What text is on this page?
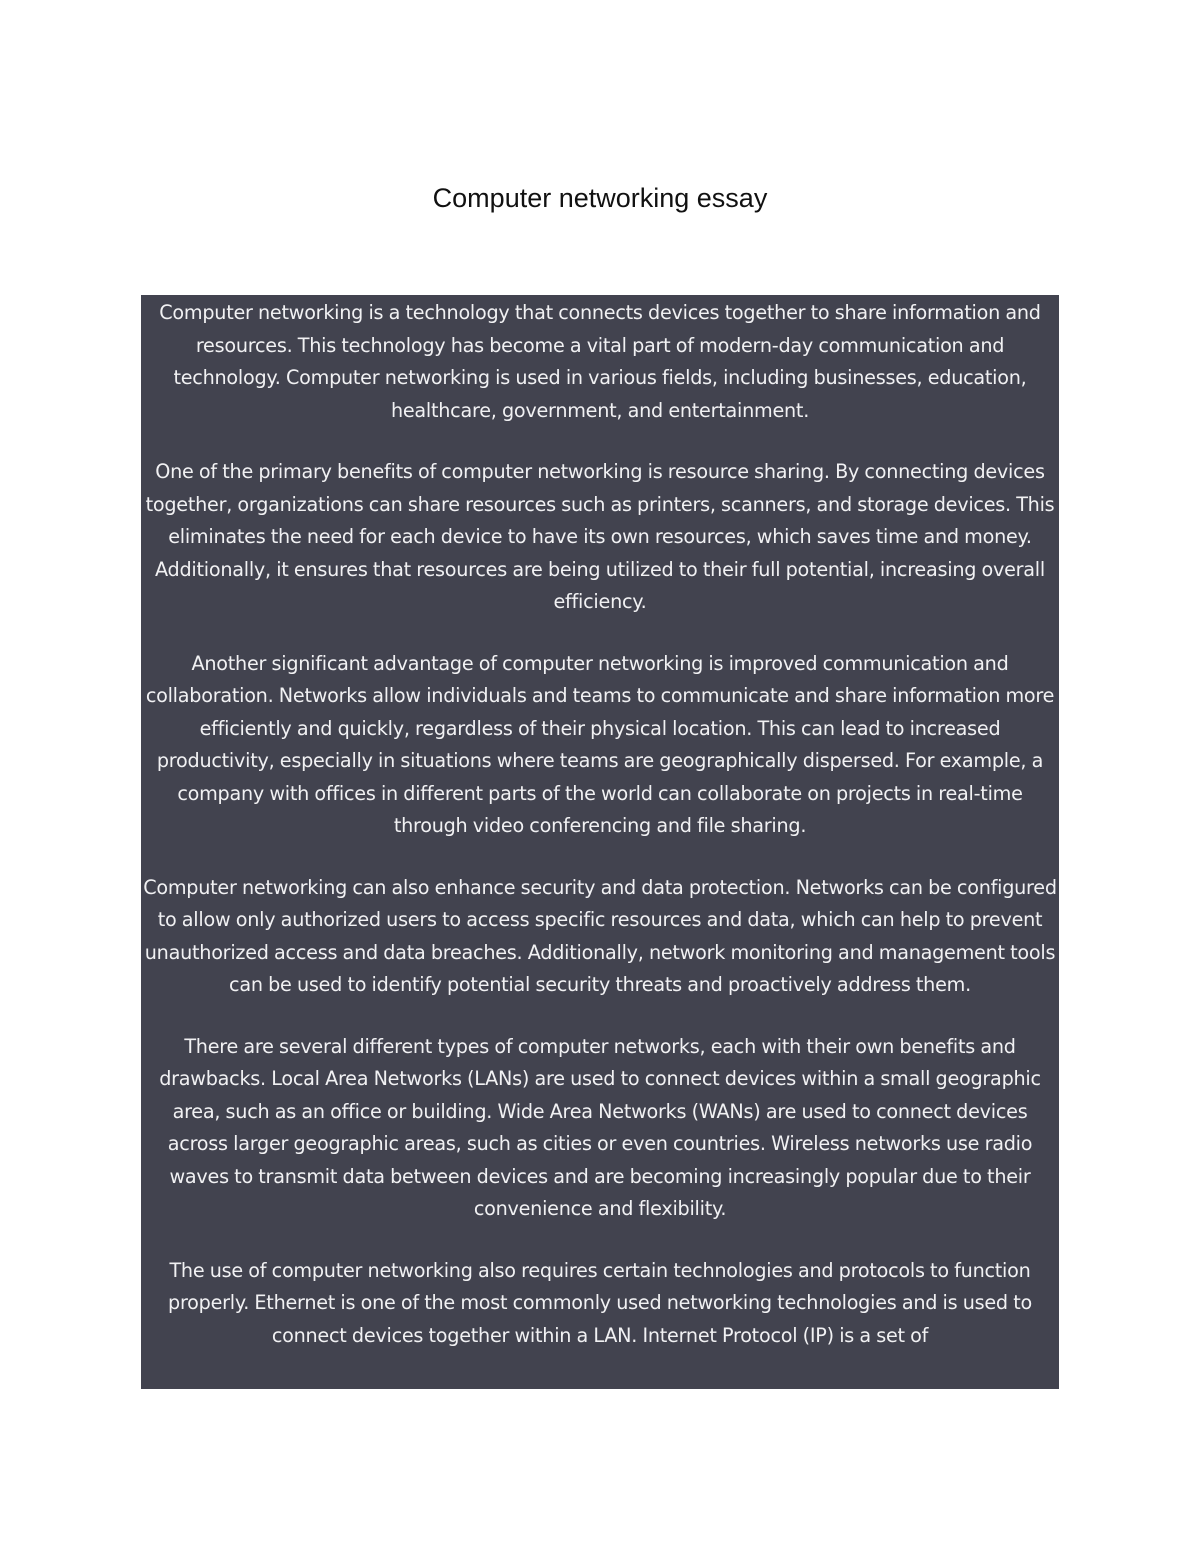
Computer networking essay

Computer networking is a technology that connects devices together to share information and resources. This technology has become a vital part of modern-day communication and technology. Computer networking is used in various fields, including businesses, education, healthcare, government, and entertainment.

One of the primary benefits of computer networking is resource sharing. By connecting devices together, organizations can share resources such as printers, scanners, and storage devices. This eliminates the need for each device to have its own resources, which saves time and money. Additionally, it ensures that resources are being utilized to their full potential, increasing overall efficiency.

Another significant advantage of computer networking is improved communication and collaboration. Networks allow individuals and teams to communicate and share information more efficiently and quickly, regardless of their physical location. This can lead to increased productivity, especially in situations where teams are geographically dispersed. For example, a company with offices in different parts of the world can collaborate on projects in real-time through video conferencing and file sharing.

Computer networking can also enhance security and data protection. Networks can be configured to allow only authorized users to access specific resources and data, which can help to prevent unauthorized access and data breaches. Additionally, network monitoring and management tools can be used to identify potential security threats and proactively address them.

There are several different types of computer networks, each with their own benefits and drawbacks. Local Area Networks (LANs) are used to connect devices within a small geographic area, such as an office or building. Wide Area Networks (WANs) are used to connect devices across larger geographic areas, such as cities or even countries. Wireless networks use radio waves to transmit data between devices and are becoming increasingly popular due to their convenience and flexibility.

The use of computer networking also requires certain technologies and protocols to function properly. Ethernet is one of the most commonly used networking technologies and is used to connect devices together within a LAN. Internet Protocol (IP) is a set of
